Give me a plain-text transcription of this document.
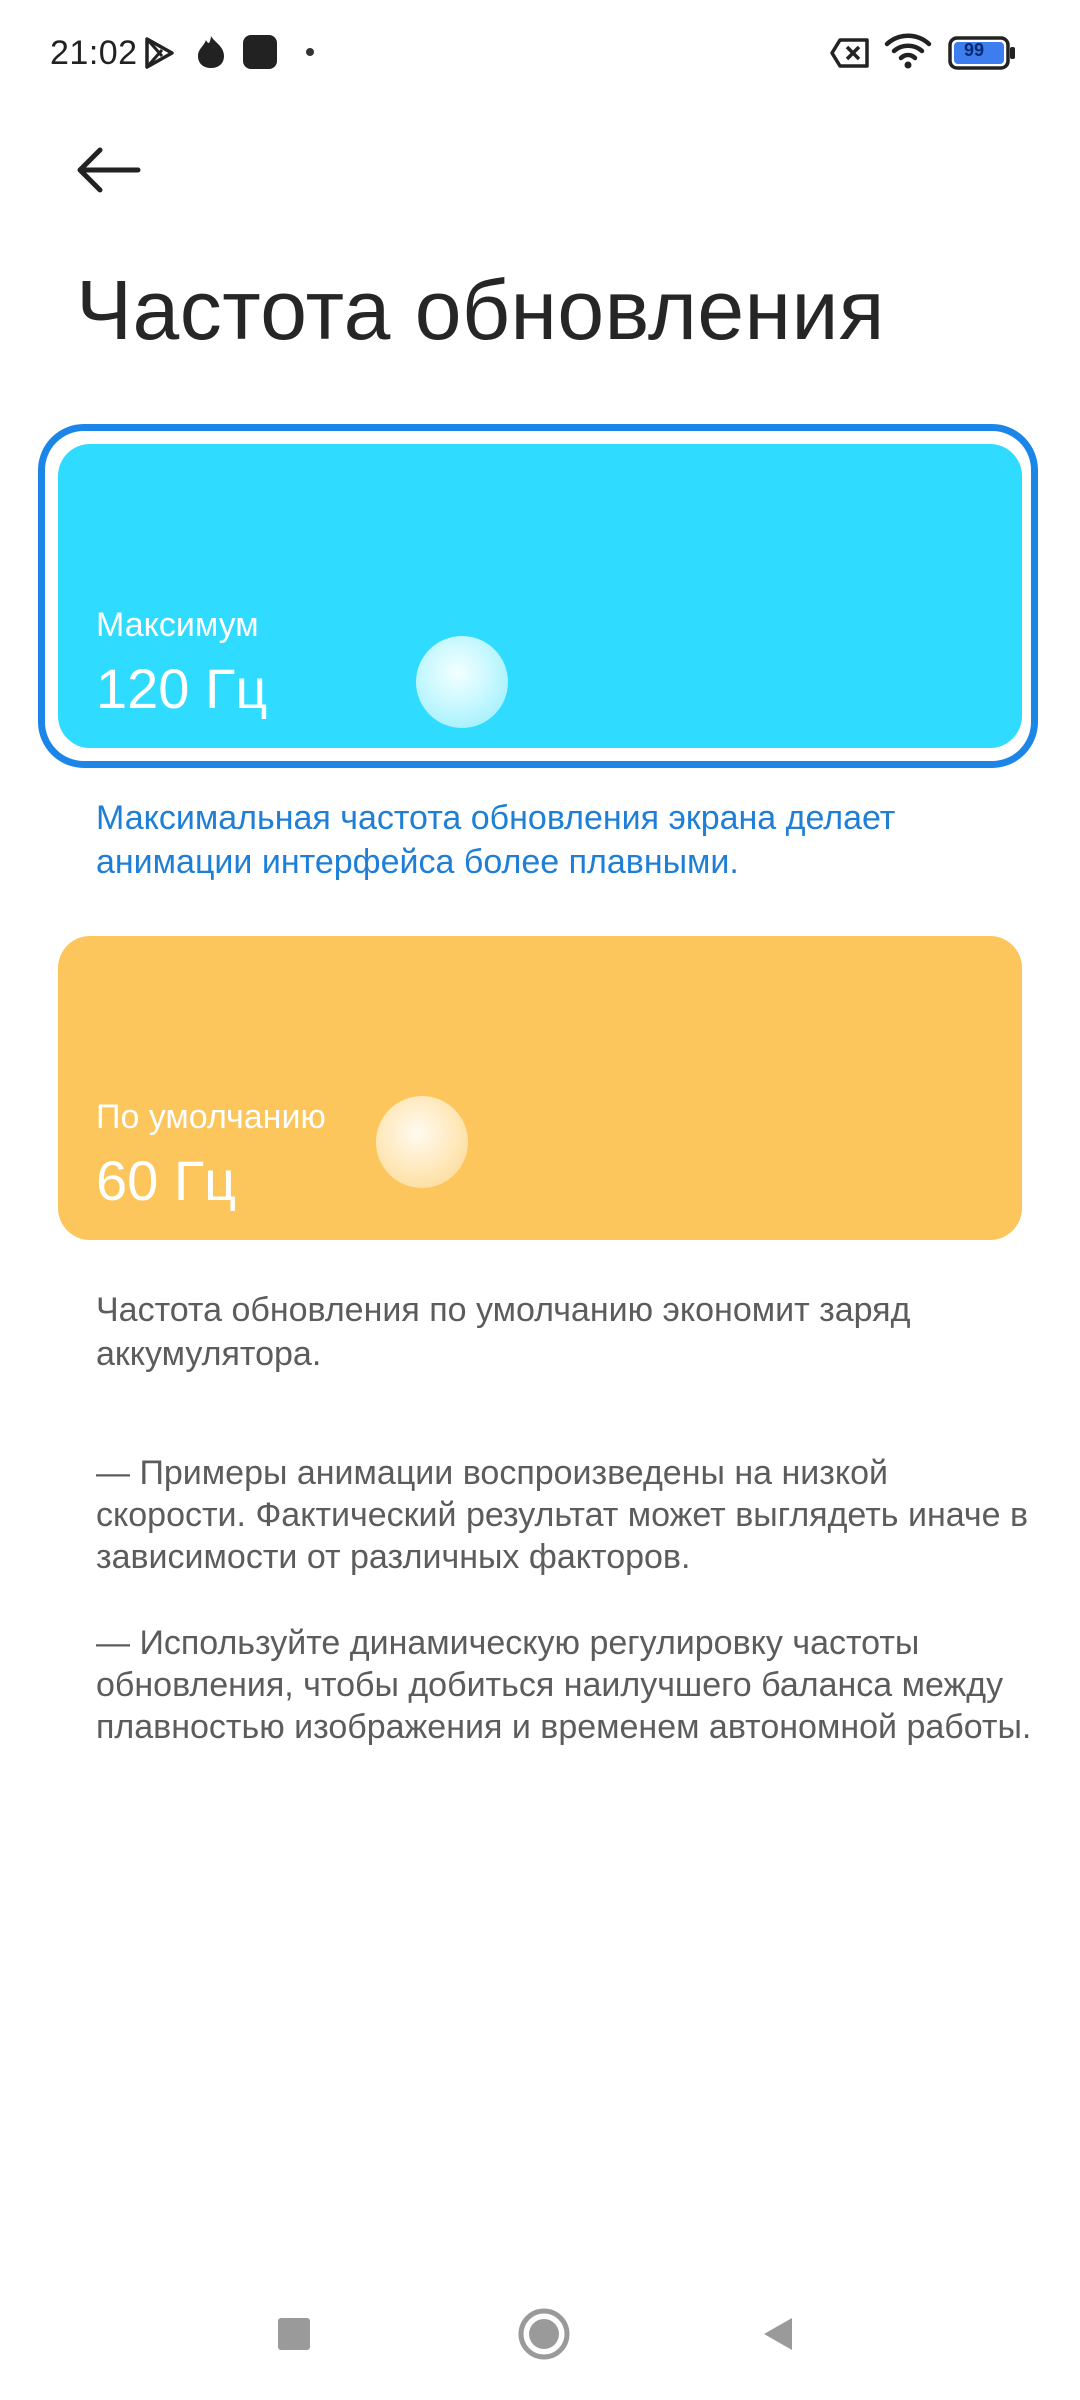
21:02	99
Частота обновления
Максимум
120 Гц

Максимальная частота обновления экрана делает анимации интерфейса более плавными.

По умолчанию
60 Гц

Частота обновления по умолчанию экономит заряд аккумулятора.

— Примеры анимации воспроизведены на низкой скорости. Фактический результат может выглядеть иначе в зависимости от различных факторов.

— Используйте динамическую регулировку частоты обновления, чтобы добиться наилучшего баланса между плавностью изображения и временем автономной работы.
